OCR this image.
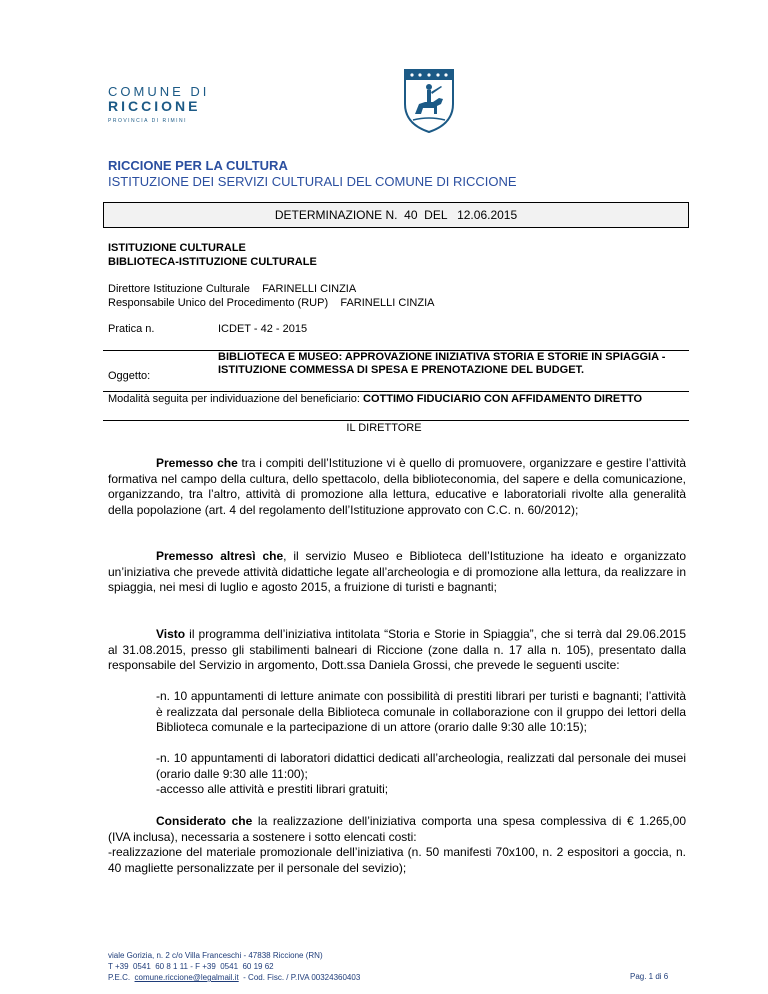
COMUNE DI
RICCIONE
PROVINCIA DI RIMINI
RICCIONE PER LA CULTURA
ISTITUZIONE DEI SERVIZI CULTURALI DEL COMUNE DI RICCIONE
DETERMINAZIONE N.  40  DEL   12.06.2015
ISTITUZIONE CULTURALE
BIBLIOTECA-ISTITUZIONE CULTURALE
Direttore Istituzione Culturale    FARINELLI CINZIA
Responsabile Unico del Procedimento (RUP)    FARINELLI CINZIA
Pratica n.	ICDET - 42 - 2015
Oggetto:
BIBLIOTECA E MUSEO: APPROVAZIONE INIZIATIVA STORIA E STORIE IN SPIAGGIA - ISTITUZIONE COMMESSA DI SPESA E PRENOTAZIONE DEL BUDGET.
Modalità seguita per individuazione del beneficiario: COTTIMO FIDUCIARIO CON AFFIDAMENTO DIRETTO
IL DIRETTORE
Premesso che tra i compiti dell’Istituzione vi è quello di promuovere, organizzare e gestire l’attività formativa nel campo della cultura, dello spettacolo, della biblioteconomia, del sapere e della comunicazione, organizzando, tra l’altro, attività di promozione alla lettura, educative e laboratoriali rivolte alla generalità della popolazione (art. 4 del regolamento dell’Istituzione approvato con C.C. n. 60/2012);
Premesso altresì che, il servizio Museo e Biblioteca dell’Istituzione ha ideato e organizzato un’iniziativa che prevede attività didattiche legate all’archeologia e di promozione alla lettura, da realizzare in spiaggia, nei mesi di luglio e agosto 2015, a fruizione di turisti e bagnanti;
Visto il programma dell’iniziativa intitolata “Storia e Storie in Spiaggia”, che si terrà dal 29.06.2015 al 31.08.2015, presso gli stabilimenti balneari di Riccione (zone dalla n. 17 alla n. 105), presentato dalla responsabile del Servizio in argomento, Dott.ssa Daniela Grossi, che prevede le seguenti uscite:
-n. 10 appuntamenti di letture animate con possibilità di prestiti librari per turisti e bagnanti; l’attività è realizzata dal personale della Biblioteca comunale in collaborazione con il gruppo dei lettori della Biblioteca comunale e la partecipazione di un attore (orario dalle 9:30 alle 10:15);
-n. 10 appuntamenti di laboratori didattici dedicati all’archeologia, realizzati dal personale dei musei (orario dalle 9:30 alle 11:00);
-accesso alle attività e prestiti librari gratuiti;
Considerato che la realizzazione dell’iniziativa comporta una spesa complessiva di € 1.265,00 (IVA inclusa), necessaria a sostenere i sotto elencati costi:
-realizzazione del materiale promozionale dell’iniziativa (n. 50 manifesti 70x100, n. 2 espositori a goccia, n. 40 magliette personalizzate per il personale del sevizio);
viale Gorizia, n. 2 c/o Villa Franceschi - 47838 Riccione (RN)
T +39  0541  60 8 1 11 - F +39  0541  60 19 62
P.E.C.  comune.riccione@legalmail.it  - Cod. Fisc. / P.IVA 00324360403	Pag. 1 di 6
